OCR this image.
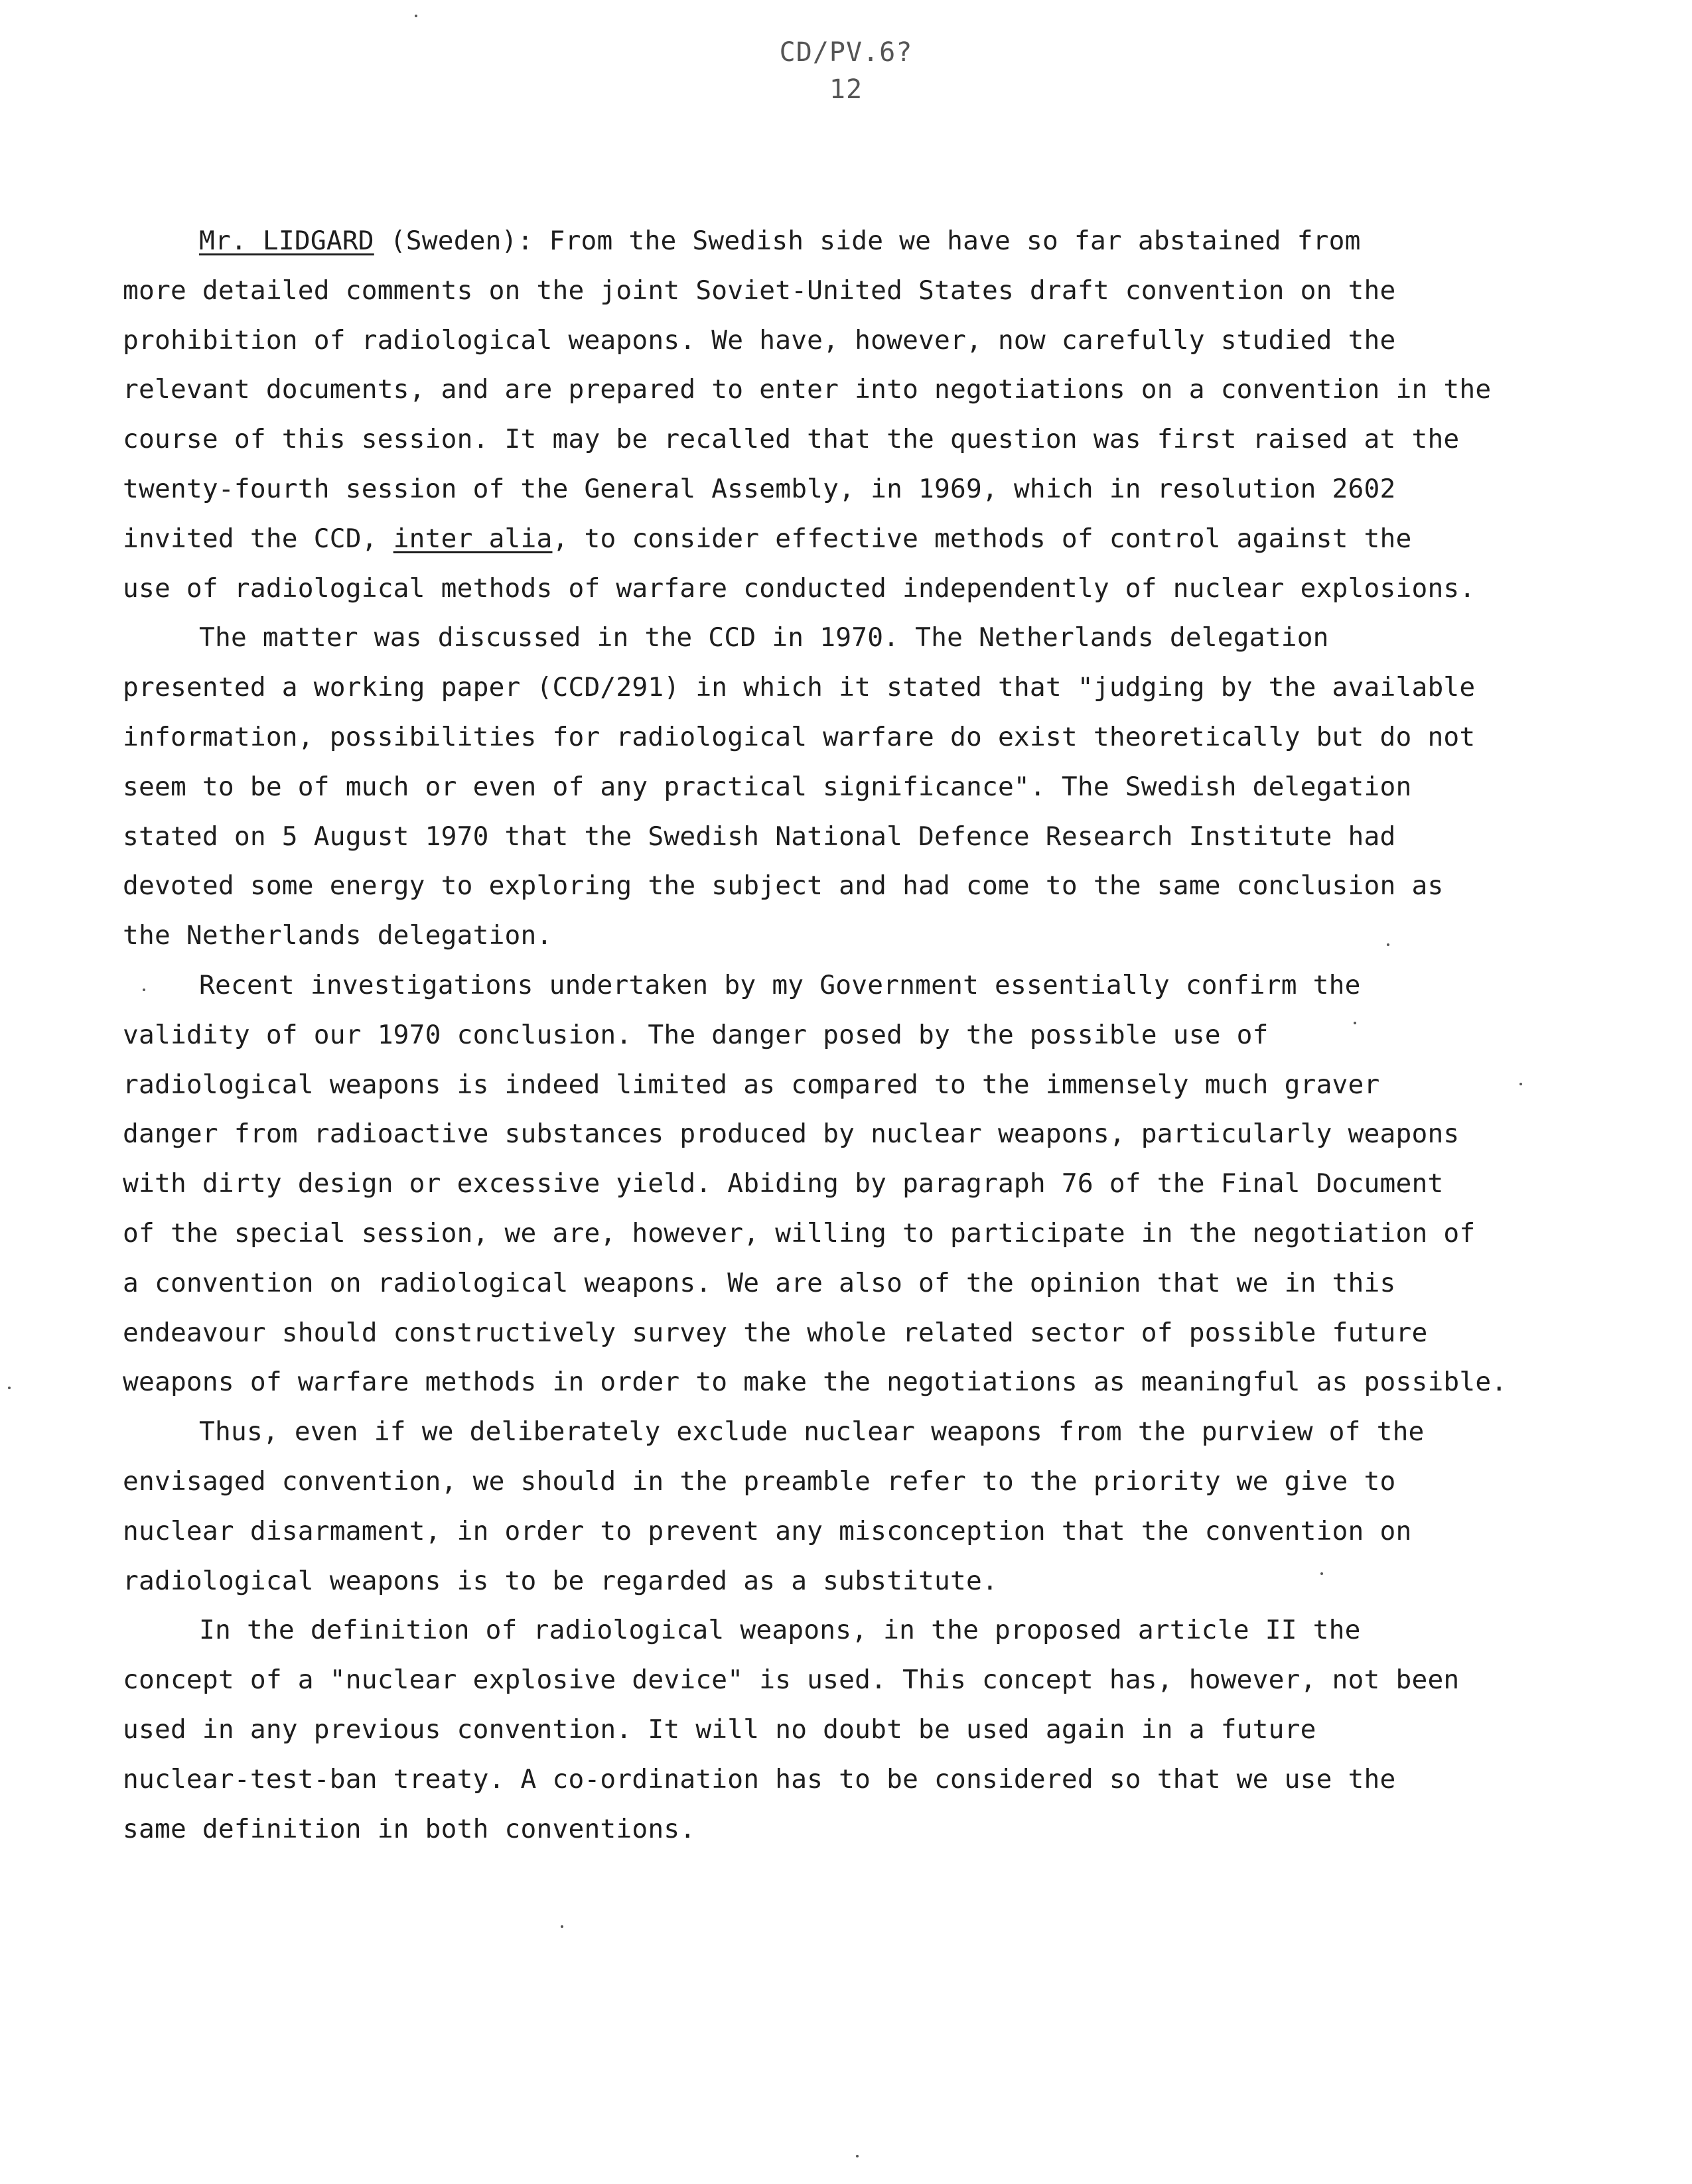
CD/PV.6?
12
Mr. LIDGARD (Sweden): From the Swedish side we have so far abstained from
more detailed comments on the joint Soviet-United States draft convention on the
prohibition of radiological weapons. We have, however, now carefully studied the
relevant documents, and are prepared to enter into negotiations on a convention in the
course of this session. It may be recalled that the question was first raised at the
twenty-fourth session of the General Assembly, in 1969, which in resolution 2602
invited the CCD, inter alia, to consider effective methods of control against the
use of radiological methods of warfare conducted independently of nuclear explosions.
The matter was discussed in the CCD in 1970. The Netherlands delegation
presented a working paper (CCD/291) in which it stated that "judging by the available
information, possibilities for radiological warfare do exist theoretically but do not
seem to be of much or even of any practical significance". The Swedish delegation
stated on 5 August 1970 that the Swedish National Defence Research Institute had
devoted some energy to exploring the subject and had come to the same conclusion as
the Netherlands delegation.
Recent investigations undertaken by my Government essentially confirm the
validity of our 1970 conclusion. The danger posed by the possible use of
radiological weapons is indeed limited as compared to the immensely much graver
danger from radioactive substances produced by nuclear weapons, particularly weapons
with dirty design or excessive yield. Abiding by paragraph 76 of the Final Document
of the special session, we are, however, willing to participate in the negotiation of
a convention on radiological weapons. We are also of the opinion that we in this
endeavour should constructively survey the whole related sector of possible future
weapons of warfare methods in order to make the negotiations as meaningful as possible.
Thus, even if we deliberately exclude nuclear weapons from the purview of the
envisaged convention, we should in the preamble refer to the priority we give to
nuclear disarmament, in order to prevent any misconception that the convention on
radiological weapons is to be regarded as a substitute.
In the definition of radiological weapons, in the proposed article II the
concept of a "nuclear explosive device" is used. This concept has, however, not been
used in any previous convention. It will no doubt be used again in a future
nuclear-test-ban treaty. A co-ordination has to be considered so that we use the
same definition in both conventions.
